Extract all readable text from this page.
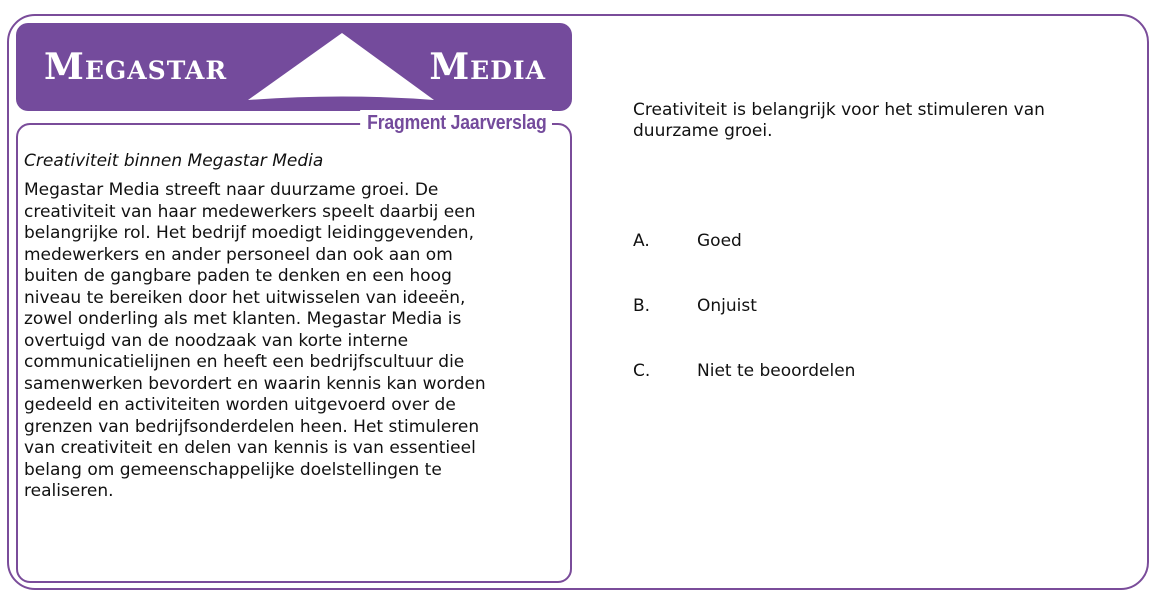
Megastar	Media
Fragment Jaarverslag
Creativiteit binnen Megastar Media
Megastar Media streeft naar duurzame groei. De
creativiteit van haar medewerkers speelt daarbij een
belangrijke rol. Het bedrijf moedigt leidinggevenden,
medewerkers en ander personeel dan ook aan om
buiten de gangbare paden te denken en een hoog
niveau te bereiken door het uitwisselen van ideeën,
zowel onderling als met klanten. Megastar Media is
overtuigd van de noodzaak van korte interne
communicatielijnen en heeft een bedrijfscultuur die
samenwerken bevordert en waarin kennis kan worden
gedeeld en activiteiten worden uitgevoerd over de
grenzen van bedrijfsonderdelen heen. Het stimuleren
van creativiteit en delen van kennis is van essentieel
belang om gemeenschappelijke doelstellingen te
realiseren.
Creativiteit is belangrijk voor het stimuleren van
duurzame groei.
A.	Goed
B.	Onjuist
C.	Niet te beoordelen
